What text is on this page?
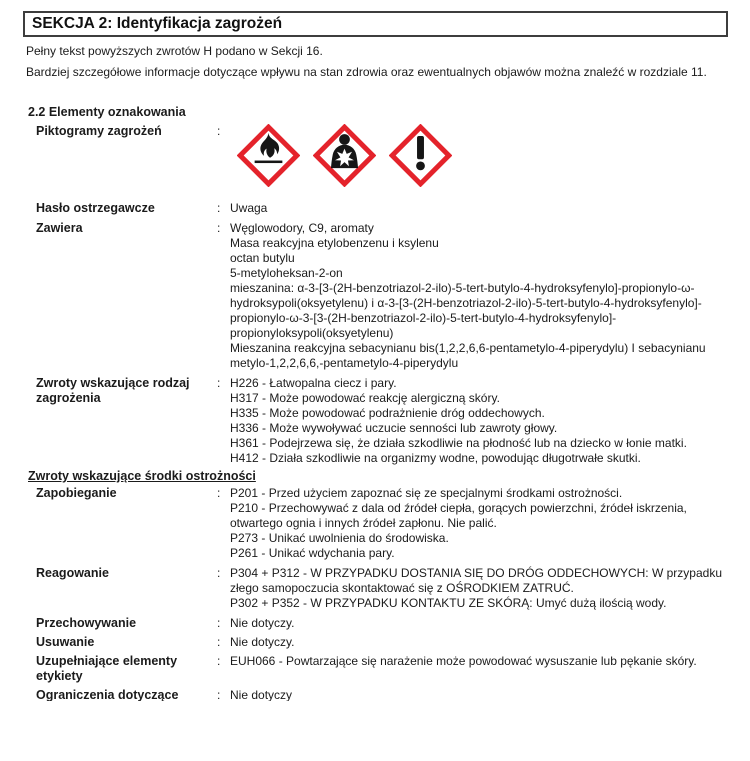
SEKCJA 2: Identyfikacja zagrożeń

Pełny tekst powyższych zwrotów H podano w Sekcji 16.

Bardziej szczegółowe informacje dotyczące wpływu na stan zdrowia oraz ewentualnych objawów można znaleźć w rozdziale 11.

2.2 Elementy oznakowania
Piktogramy zagrożeń	:
Hasło ostrzegawcze	: Uwaga
Zawiera	: Węglowodory, C9, aromaty
Masa reakcyjna etylobenzenu i ksylenu
octan butylu
5-metyloheksan-2-on
mieszanina: α-3-[3-(2H-benzotriazol-2-ilo)-5-tert-butylo-4-hydroksyfenylo]-propionylo-ω-hydroksypoli(oksyetylenu) i α-3-[3-(2H-benzotriazol-2-ilo)-5-tert-butylo-4-hydroksyfenylo]-propionylo-ω-3-[3-(2H-benzotriazol-2-ilo)-5-tert-butylo-4-hydroksyfenylo]-propionyloksypoli(oksyetylenu)
Mieszanina reakcyjna sebacynianu bis(1,2,2,6,6-pentametylo-4-piperydylu) I sebacynianu metylo-1,2,2,6,6,-pentametylo-4-piperydylu
Zwroty wskazujące rodzaj zagrożenia
: H226 - Łatwopalna ciecz i pary.
H317 - Może powodować reakcję alergiczną skóry.
H335 - Może powodować podrażnienie dróg oddechowych.
H336 - Może wywoływać uczucie senności lub zawroty głowy.
H361 - Podejrzewa się, że działa szkodliwie na płodność lub na dziecko w łonie matki.
H412 - Działa szkodliwie na organizmy wodne, powodując długotrwałe skutki.
Zwroty wskazujące środki ostrożności
Zapobieganie	: P201 - Przed użyciem zapoznać się ze specjalnymi środkami ostrożności.
P210 - Przechowywać z dala od źródeł ciepła, gorących powierzchni, źródeł iskrzenia, otwartego ognia i innych źródeł zapłonu. Nie palić.
P273 - Unikać uwolnienia do środowiska.
P261 - Unikać wdychania pary.
Reagowanie	: P304 + P312 - W PRZYPADKU DOSTANIA SIĘ DO DRÓG ODDECHOWYCH: W przypadku złego samopoczucia skontaktować się z OŚRODKIEM ZATRUĆ.
P302 + P352 - W PRZYPADKU KONTAKTU ZE SKÓRĄ: Umyć dużą ilością wody.
Przechowywanie	: Nie dotyczy.
Usuwanie	: Nie dotyczy.
Uzupełniające elementy etykiety
: EUH066 - Powtarzające się narażenie może powodować wysuszanie lub pękanie skóry.
Ograniczenia dotyczące	: Nie dotyczy
